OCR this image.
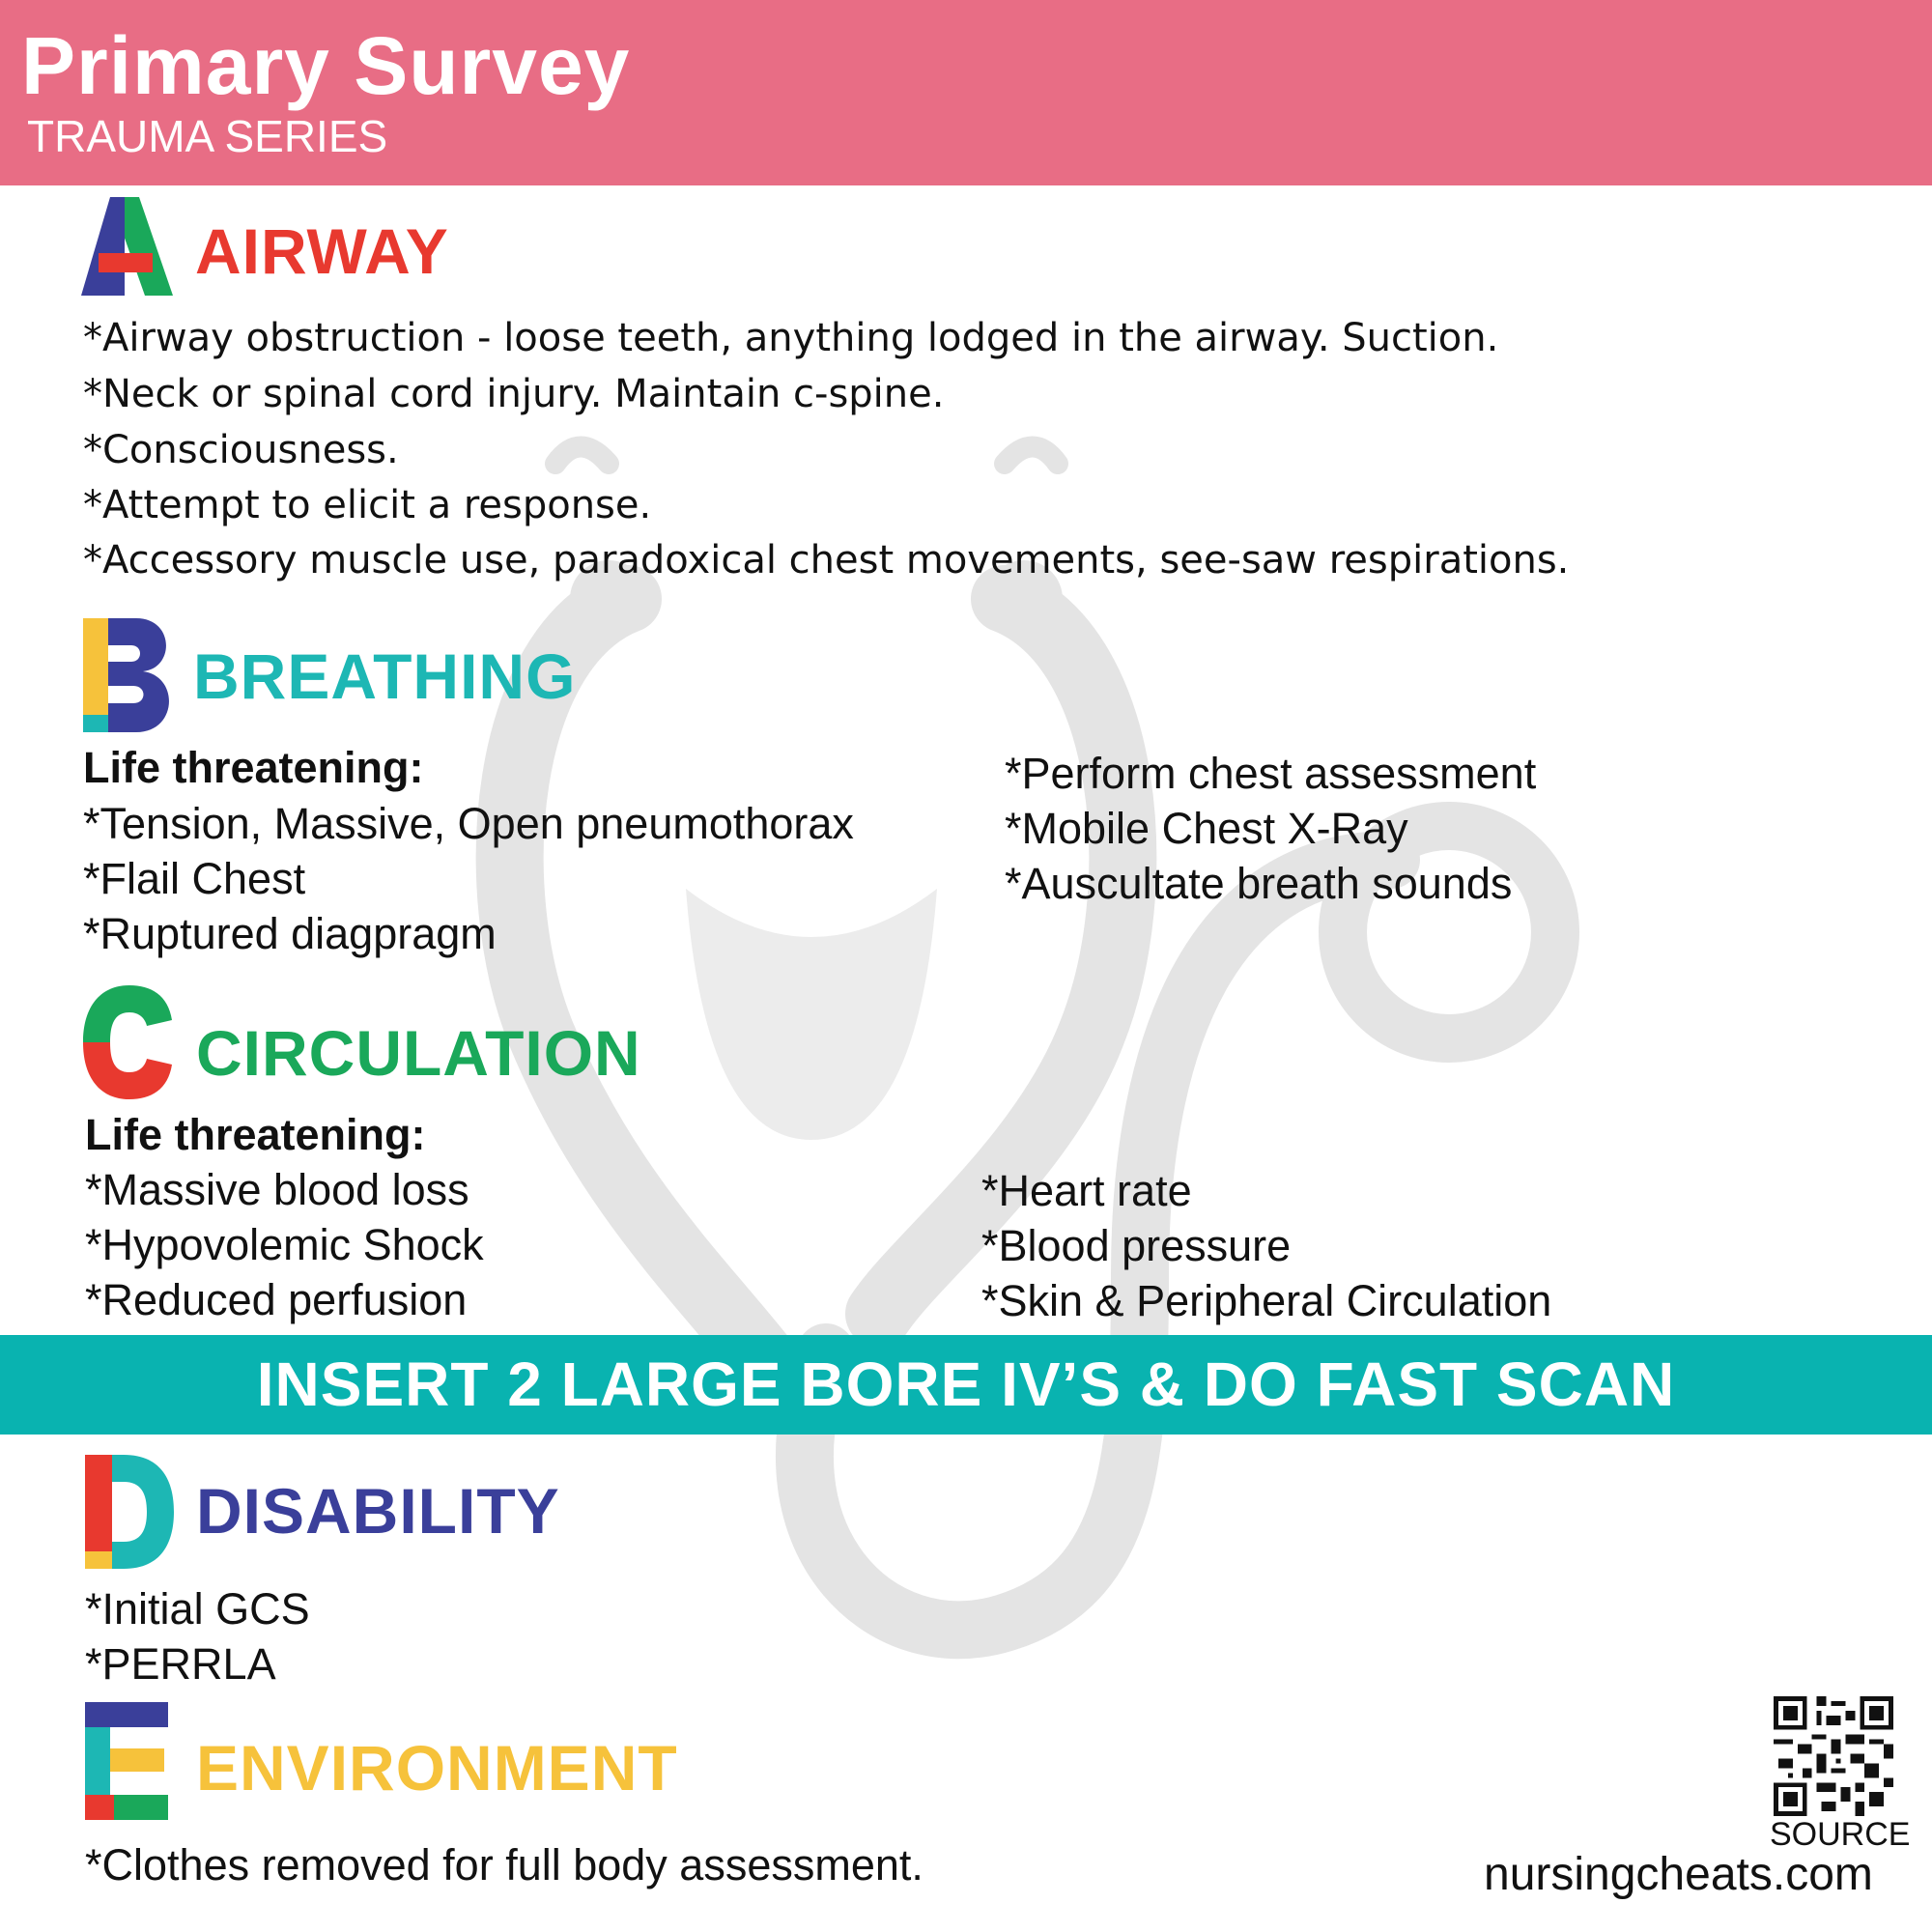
Primary Survey
TRAUMA SERIES
AIRWAY
*Airway obstruction - loose teeth, anything lodged in the airway. Suction.
*Neck or spinal cord injury. Maintain c-spine.
*Consciousness.
*Attempt to elicit a response.
*Accessory muscle use, paradoxical chest movements, see-saw respirations.
BREATHING
Life threatening:
*Tension, Massive, Open pneumothorax
*Flail Chest
*Ruptured diagpragm
*Perform chest assessment
*Mobile Chest X-Ray
*Auscultate breath sounds
CIRCULATION
Life threatening:
*Massive blood loss
*Hypovolemic Shock
*Reduced perfusion
*Heart rate
*Blood pressure
*Skin & Peripheral Circulation
INSERT 2 LARGE BORE IV’S & DO FAST SCAN
DISABILITY
*Initial GCS
*PERRLA
ENVIRONMENT
*Clothes removed for full body assessment.
SOURCE
nursingcheats.com
